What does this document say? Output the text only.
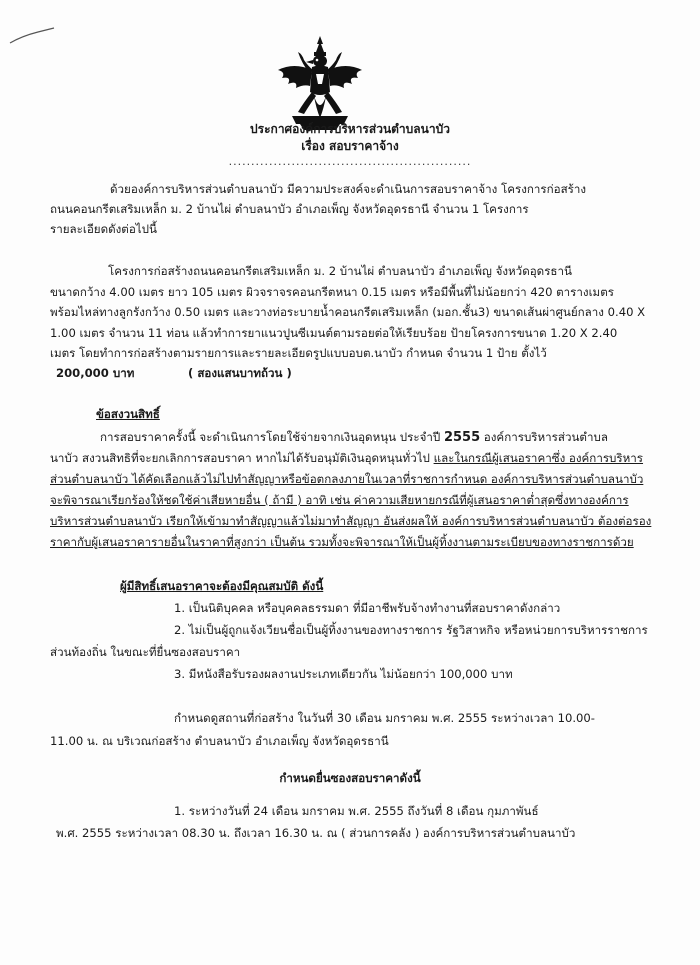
ประกาศองค์การบริหารส่วนตำบลนาบัว
เรื่อง สอบราคาจ้าง
......................................................
ด้วยองค์การบริหารส่วนตำบลนาบัว มีความประสงค์จะดำเนินการสอบราคาจ้าง โครงการก่อสร้าง
ถนนคอนกรีตเสริมเหล็ก ม. 2 บ้านไผ่ ตำบลนาบัว อำเภอเพ็ญ จังหวัดอุดรธานี จำนวน 1 โครงการ
รายละเอียดดังต่อไปนี้
โครงการก่อสร้างถนนคอนกรีตเสริมเหล็ก ม. 2 บ้านไผ่ ตำบลนาบัว อำเภอเพ็ญ จังหวัดอุดรธานี
ขนาดกว้าง 4.00 เมตร ยาว 105 เมตร ผิวจราจรคอนกรีตหนา 0.15 เมตร หรือมีพื้นที่ไม่น้อยกว่า 420 ตารางเมตร
พร้อมไหล่ทางลูกรังกว้าง 0.50 เมตร และวางท่อระบายน้ำคอนกรีตเสริมเหล็ก (มอก.ชั้น3) ขนาดเส้นผ่าศูนย์กลาง 0.40 X
1.00 เมตร จำนวน 11 ท่อน แล้วทำการยาแนวปูนซีเมนต์ตามรอยต่อให้เรียบร้อย ป้ายโครงการขนาด 1.20 X 2.40
เมตร โดยทำการก่อสร้างตามรายการและรายละเอียดรูปแบบอบต.นาบัว กำหนด จำนวน 1 ป้าย ตั้งไว้
200,000 บาท	( สองแสนบาทถ้วน )
ข้อสงวนสิทธิ์
การสอบราคาครั้งนี้ จะดำเนินการโดยใช้จ่ายจากเงินอุดหนุน ประจำปี 2555 องค์การบริหารส่วนตำบล
นาบัว สงวนสิทธิที่จะยกเลิกการสอบราคา หากไม่ได้รับอนุมัติเงินอุดหนุนทั่วไป และในกรณีผู้เสนอราคาซึ่ง องค์การบริหาร
ส่วนตำบลนาบัว ได้คัดเลือกแล้วไม่ไปทำสัญญาหรือข้อตกลงภายในเวลาที่ราชการกำหนด องค์การบริหารส่วนตำบลนาบัว
จะพิจารณาเรียกร้องให้ชดใช้ค่าเสียหายอื่น ( ถ้ามี ) อาทิ เช่น ค่าความเสียหายกรณีที่ผู้เสนอราคาต่ำสุดซึ่งทางองค์การ
บริหารส่วนตำบลนาบัว เรียกให้เข้ามาทำสัญญาแล้วไม่มาทำสัญญา อันส่งผลให้ องค์การบริหารส่วนตำบลนาบัว ต้องต่อรอง
ราคากับผู้เสนอราคารายอื่นในราคาที่สูงกว่า เป็นต้น รวมทั้งจะพิจารณาให้เป็นผู้ทิ้งงานตามระเบียบของทางราชการด้วย
ผู้มีสิทธิ์เสนอราคาจะต้องมีคุณสมบัติ ดังนี้
1. เป็นนิติบุคคล หรือบุคคลธรรมดา ที่มีอาชีพรับจ้างทำงานที่สอบราคาดังกล่าว
2. ไม่เป็นผู้ถูกแจ้งเวียนชื่อเป็นผู้ทิ้งงานของทางราชการ รัฐวิสาหกิจ หรือหน่วยการบริหารราชการ
ส่วนท้องถิ่น ในขณะที่ยื่นซองสอบราคา
3. มีหนังสือรับรองผลงานประเภทเดียวกัน ไม่น้อยกว่า 100,000 บาท
กำหนดดูสถานที่ก่อสร้าง ในวันที่ 30 เดือน มกราคม พ.ศ. 2555 ระหว่างเวลา 10.00-
11.00 น. ณ บริเวณก่อสร้าง ตำบลนาบัว อำเภอเพ็ญ จังหวัดอุดรธานี
กำหนดยื่นซองสอบราคาดังนี้
1. ระหว่างวันที่ 24 เดือน มกราคม พ.ศ. 2555 ถึงวันที่ 8 เดือน กุมภาพันธ์
พ.ศ. 2555 ระหว่างเวลา 08.30 น. ถึงเวลา 16.30 น. ณ ( ส่วนการคลัง ) องค์การบริหารส่วนตำบลนาบัว
